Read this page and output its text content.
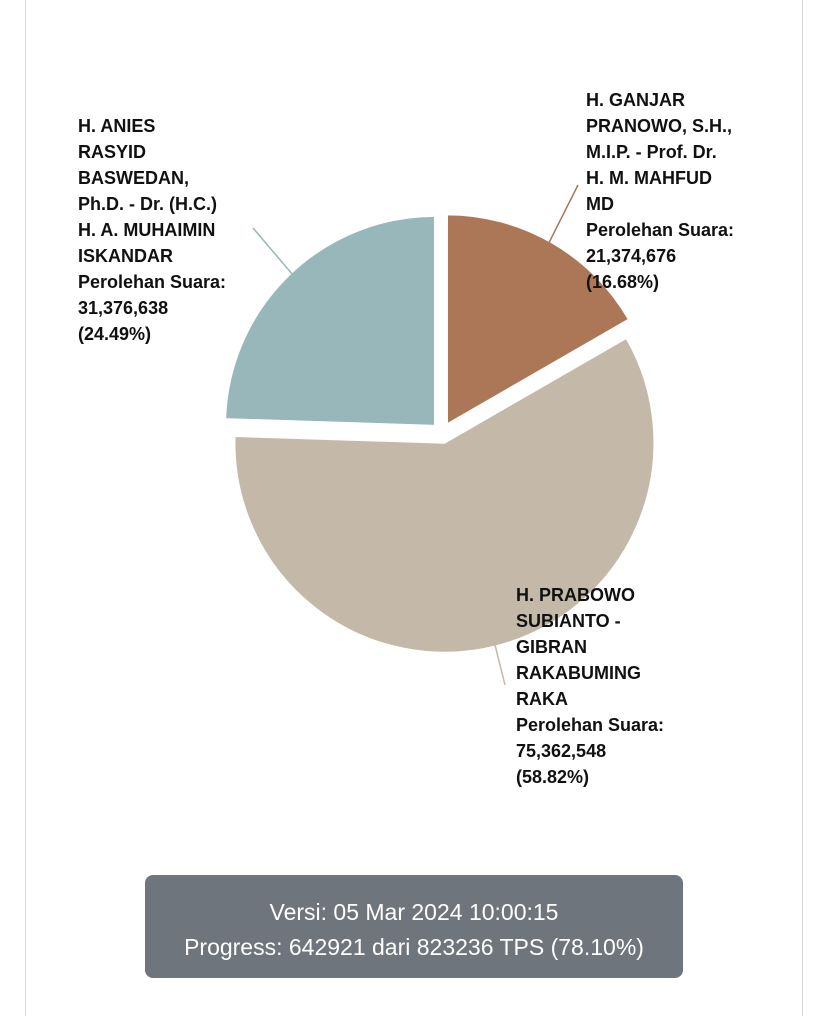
H. GANJAR
PRANOWO, S.H.,
M.I.P. - Prof. Dr.
H. M. MAHFUD
MD
Perolehan Suara:
21,374,676
(16.68%)
H. PRABOWO
SUBIANTO -
GIBRAN
RAKABUMING
RAKA
Perolehan Suara:
75,362,548
(58.82%)
H. ANIES
RASYID
BASWEDAN,
Ph.D. - Dr. (H.C.)
H. A. MUHAIMIN
ISKANDAR
Perolehan Suara:
31,376,638
(24.49%)
Versi: 05 Mar 2024 10:00:15
Progress: 642921 dari 823236 TPS (78.10%)
